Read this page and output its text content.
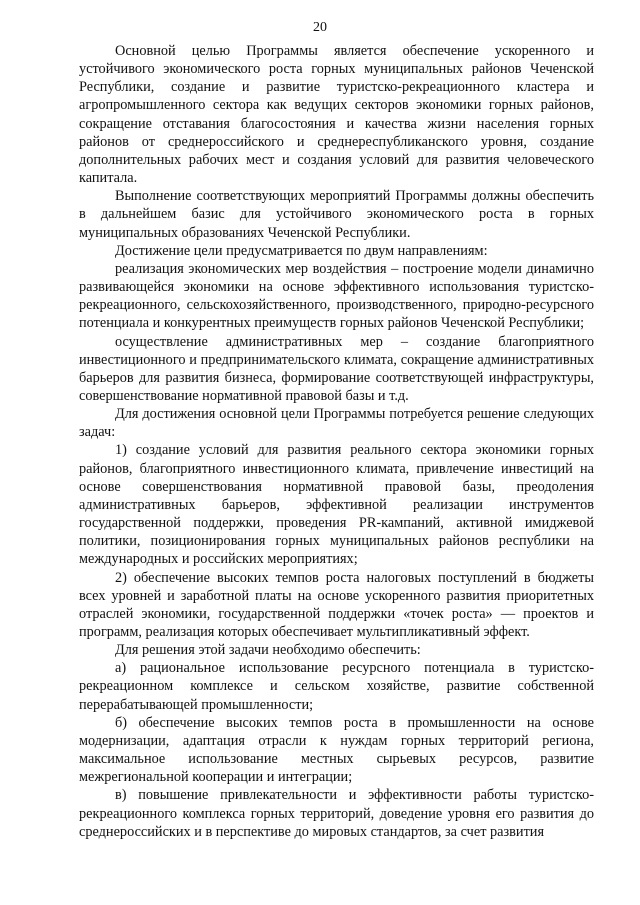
20

Основной целью Программы является обеспечение ускоренного и устойчивого экономического роста горных муниципальных районов Чеченской Республики, создание и развитие туристско-рекреационного кластера и агропромышленного сектора как ведущих секторов экономики горных районов, сокращение отставания благосостояния и качества жизни населения горных районов от среднероссийского и среднереспубликанского уровня, создание дополнительных рабочих мест и создания условий для развития человеческого капитала.

Выполнение соответствующих мероприятий Программы должны обеспечить в дальнейшем базис для устойчивого экономического роста в горных муниципальных образованиях Чеченской Республики.

Достижение цели предусматривается по двум направлениям:

реализация экономических мер воздействия – построение модели динамично развивающейся экономики на основе эффективного использования туристско-рекреационного, сельскохозяйственного, производственного, природно-ресурсного потенциала и конкурентных преимуществ горных районов Чеченской Республики;

осуществление административных мер – создание благоприятного инвестиционного и предпринимательского климата, сокращение административных барьеров для развития бизнеса, формирование соответствующей инфраструктуры, совершенствование нормативной правовой базы и т.д.

Для достижения основной цели Программы потребуется решение следующих задач:

1) создание условий для развития реального сектора экономики горных районов, благоприятного инвестиционного климата, привлечение инвестиций на основе совершенствования нормативной правовой базы, преодоления административных барьеров, эффективной реализации инструментов государственной поддержки, проведения PR-кампаний, активной имиджевой политики, позиционирования горных муниципальных районов республики на международных и российских мероприятиях;

2) обеспечение высоких темпов роста налоговых поступлений в бюджеты всех уровней и заработной платы на основе ускоренного развития приоритетных отраслей экономики, государственной поддержки «точек роста» — проектов и программ, реализация которых обеспечивает мультипликативный эффект.

Для решения этой задачи необходимо обеспечить:

а) рациональное использование ресурсного потенциала в туристско-рекреационном комплексе и сельском хозяйстве, развитие собственной перерабатывающей промышленности;

б) обеспечение высоких темпов роста в промышленности на основе модернизации, адаптация отрасли к нуждам горных территорий региона, максимальное использование местных сырьевых ресурсов, развитие межрегиональной кооперации и интеграции;

в) повышение привлекательности и эффективности работы туристско-рекреационного комплекса горных территорий, доведение уровня его развития до среднероссийских и в перспективе до мировых стандартов, за счет развития
